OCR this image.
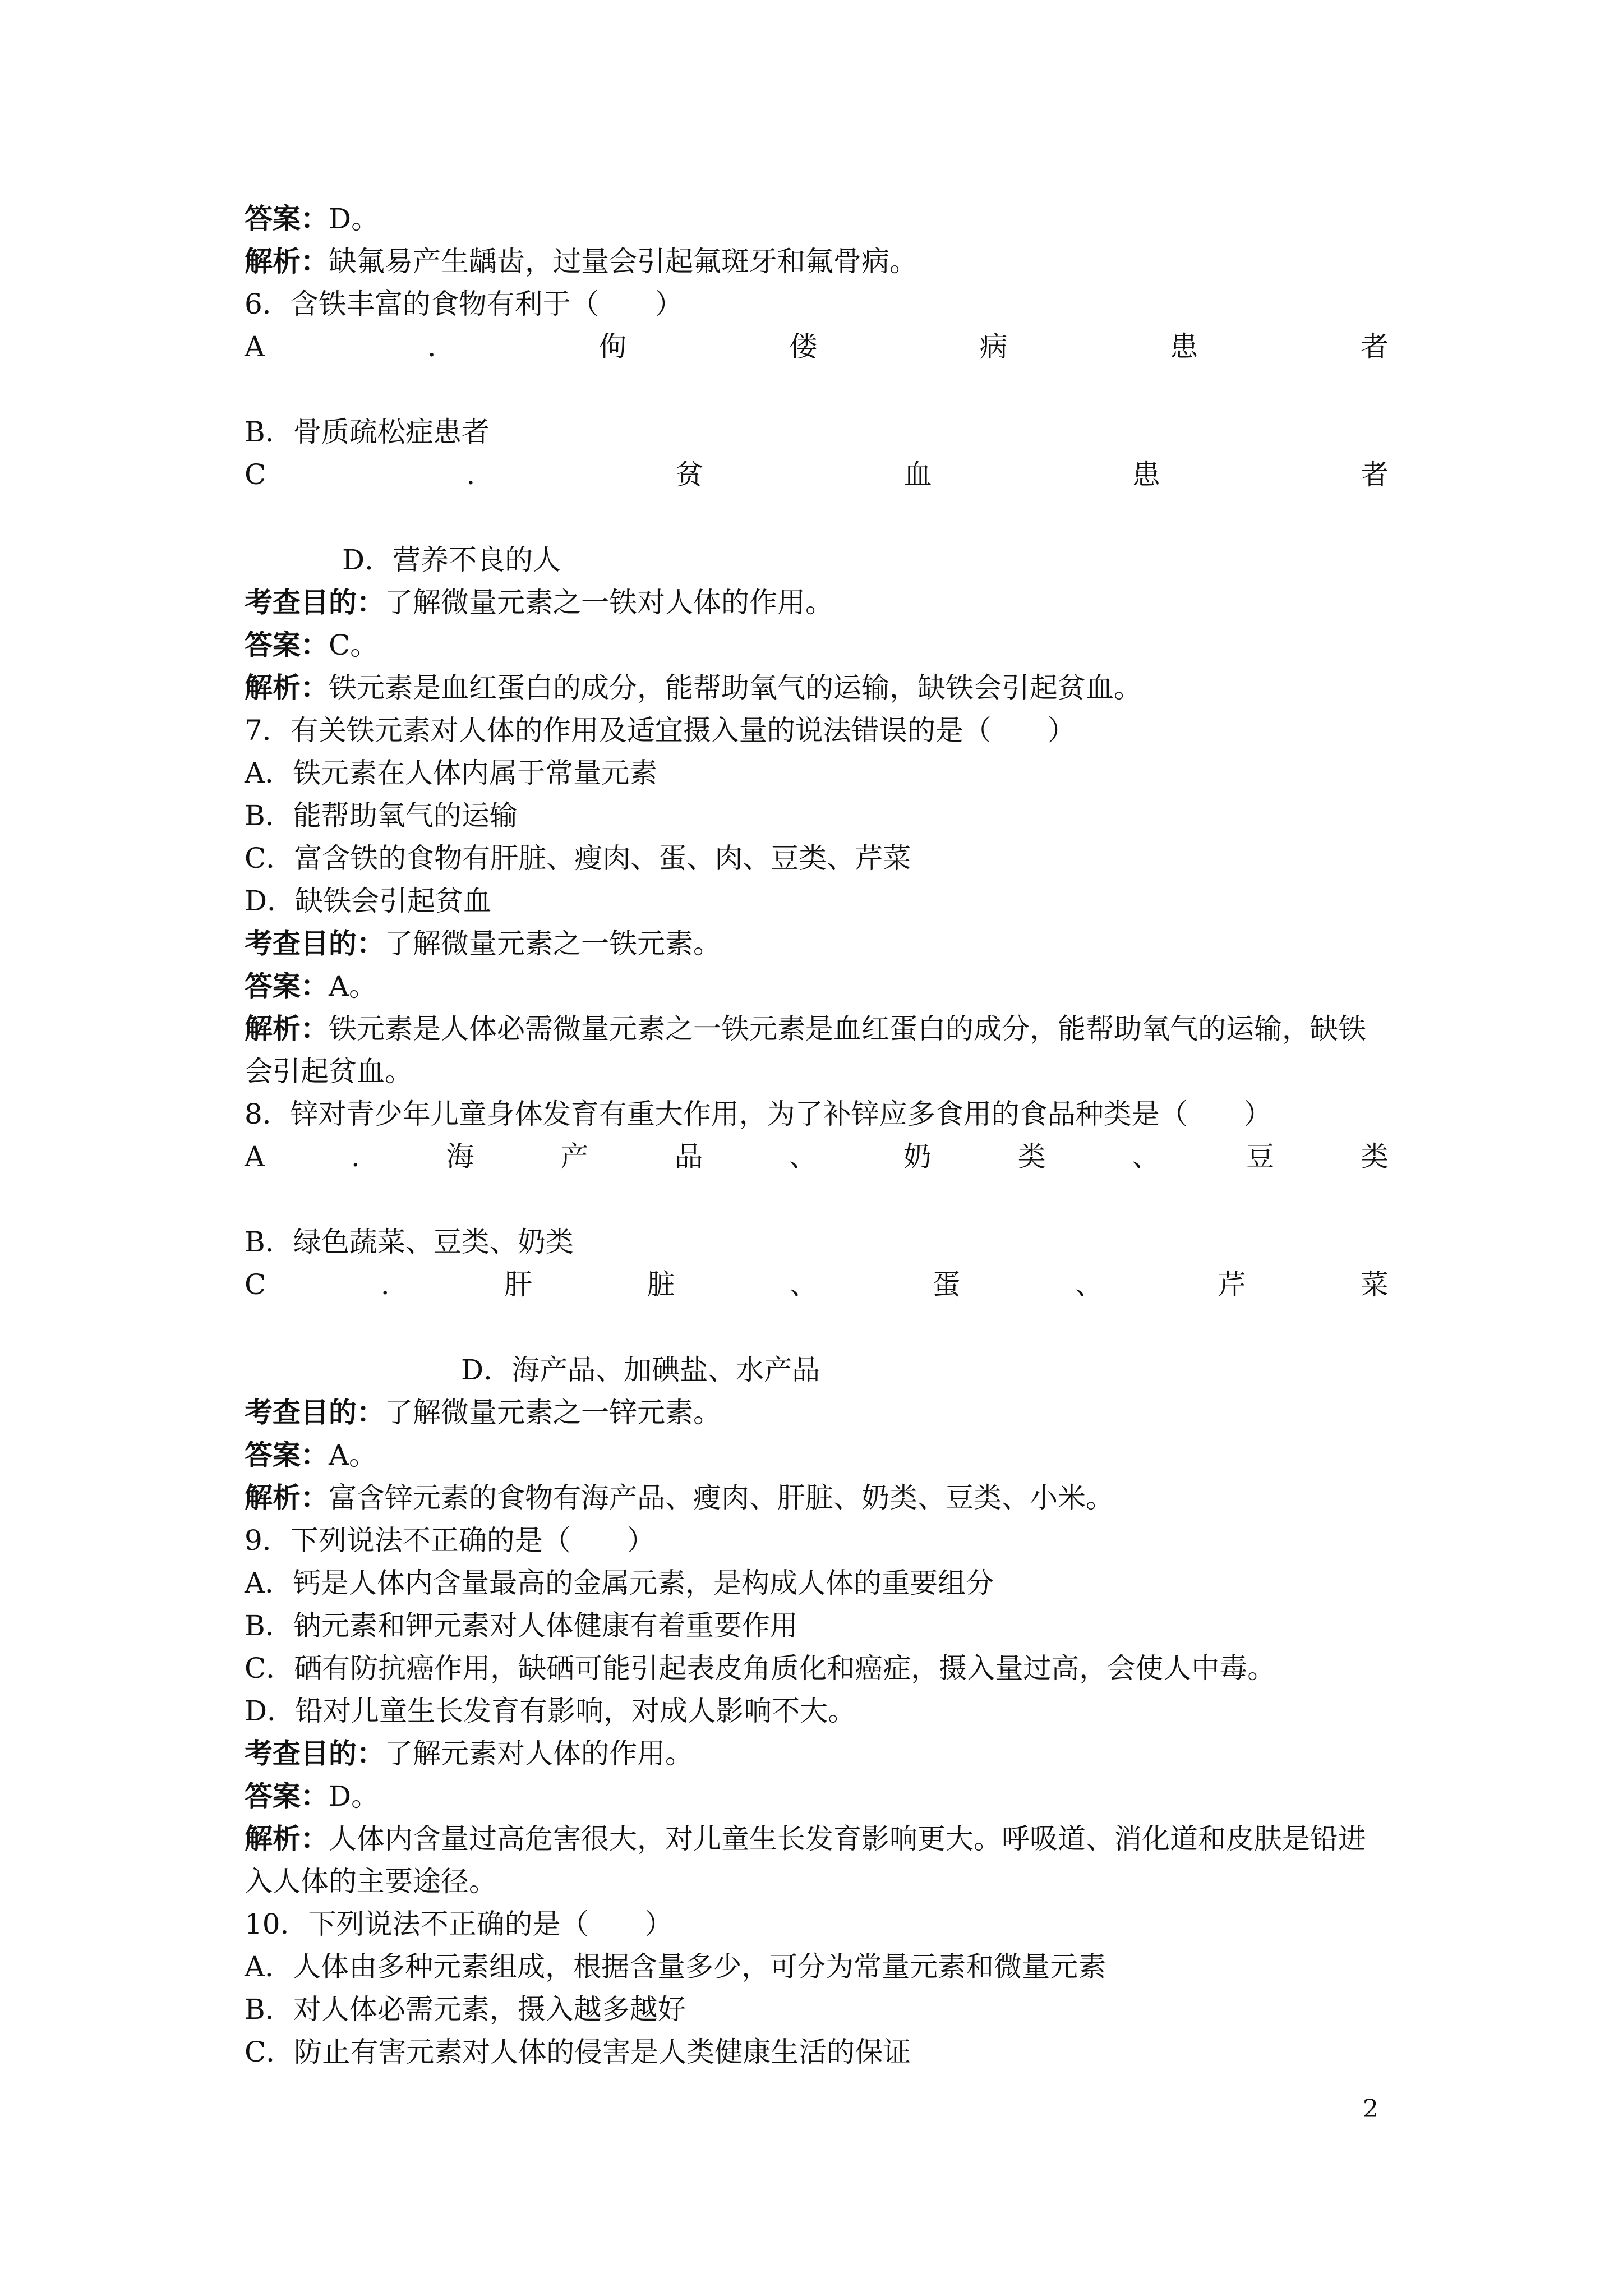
答案：D。
解析：缺氟易产生龋齿，过量会引起氟斑牙和氟骨病。
6．含铁丰富的食物有利于（　　）
A	.	佝	偻	病	患	者
B．骨质疏松症患者
C	.	贫	血	患	者
D．营养不良的人
考查目的：了解微量元素之一铁对人体的作用。
答案：C。
解析：铁元素是血红蛋白的成分，能帮助氧气的运输，缺铁会引起贫血。
7．有关铁元素对人体的作用及适宜摄入量的说法错误的是（　　）
A．铁元素在人体内属于常量元素
B．能帮助氧气的运输
C．富含铁的食物有肝脏、瘦肉、蛋、肉、豆类、芹菜
D．缺铁会引起贫血
考查目的：了解微量元素之一铁元素。
答案：A。
解析：铁元素是人体必需微量元素之一铁元素是血红蛋白的成分，能帮助氧气的运输，缺铁
会引起贫血。
8．锌对青少年儿童身体发育有重大作用，为了补锌应多食用的食品种类是（　　）
A	.	海	产	品	、	奶	类	、	豆	类
B．绿色蔬菜、豆类、奶类
C	.	肝	脏	、	蛋	、	芹	菜
D．海产品、加碘盐、水产品
考查目的：了解微量元素之一锌元素。
答案：A。
解析：富含锌元素的食物有海产品、瘦肉、肝脏、奶类、豆类、小米。
9．下列说法不正确的是（　　）
A．钙是人体内含量最高的金属元素，是构成人体的重要组分
B．钠元素和钾元素对人体健康有着重要作用
C．硒有防抗癌作用，缺硒可能引起表皮角质化和癌症，摄入量过高，会使人中毒。
D．铅对儿童生长发育有影响，对成人影响不大。
考查目的：了解元素对人体的作用。
答案：D。
解析：人体内含量过高危害很大，对儿童生长发育影响更大。呼吸道、消化道和皮肤是铅进
入人体的主要途径。
10．下列说法不正确的是（　　）
A．人体由多种元素组成，根据含量多少，可分为常量元素和微量元素
B．对人体必需元素，摄入越多越好
C．防止有害元素对人体的侵害是人类健康生活的保证
2
